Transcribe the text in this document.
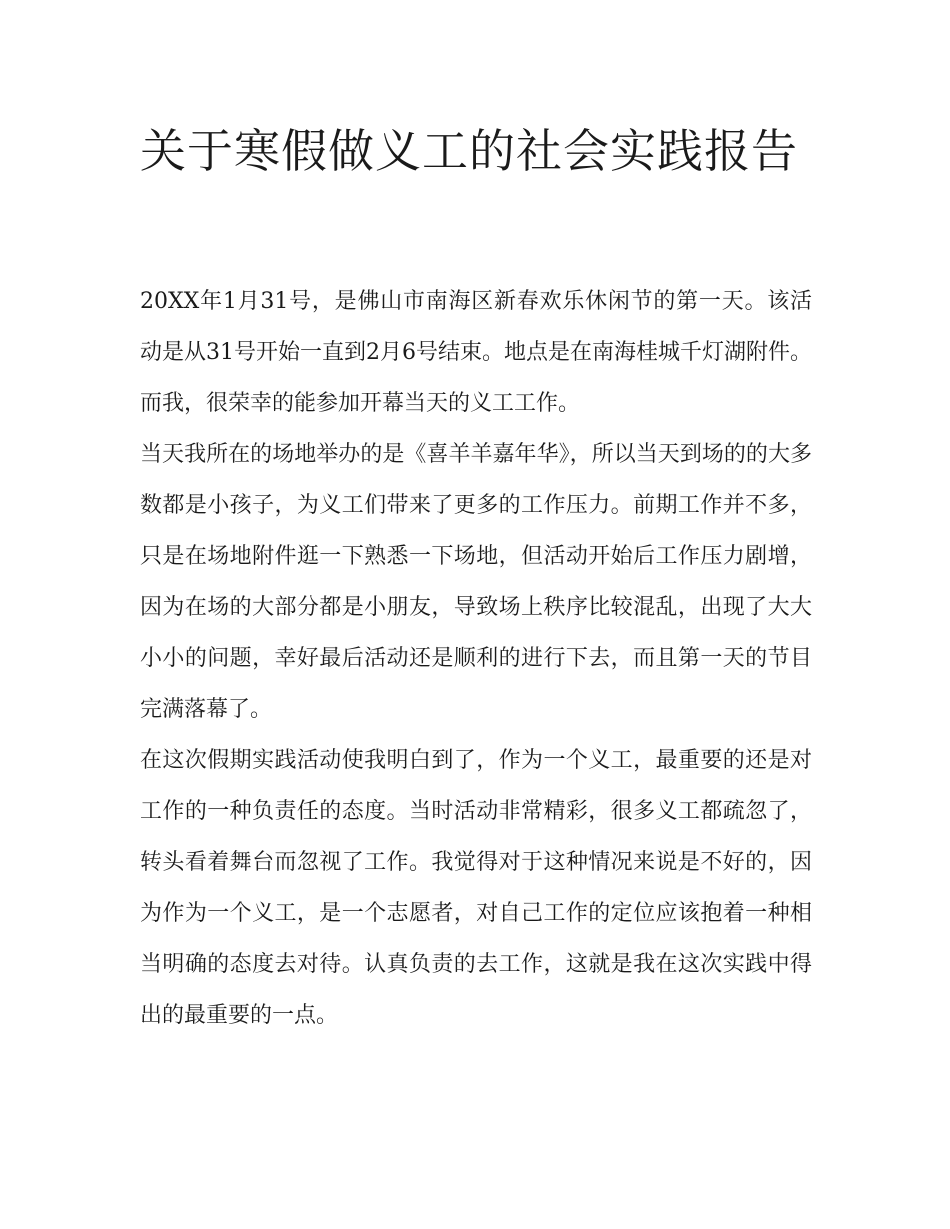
关于寒假做义工的社会实践报告

20XX年1月31号，是佛山市南海区新春欢乐休闲节的第一天。该活动是从31号开始一直到2月6号结束。地点是在南海桂城千灯湖附件。而我，很荣幸的能参加开幕当天的义工工作。

当天我所在的场地举办的是《喜羊羊嘉年华》，所以当天到场的的大多数都是小孩子，为义工们带来了更多的工作压力。前期工作并不多，只是在场地附件逛一下熟悉一下场地，但活动开始后工作压力剧增，因为在场的大部分都是小朋友，导致场上秩序比较混乱，出现了大大小小的问题，幸好最后活动还是顺利的进行下去，而且第一天的节目完满落幕了。

在这次假期实践活动使我明白到了，作为一个义工，最重要的还是对工作的一种负责任的态度。当时活动非常精彩，很多义工都疏忽了，转头看着舞台而忽视了工作。我觉得对于这种情况来说是不好的，因为作为一个义工，是一个志愿者，对自己工作的定位应该抱着一种相当明确的态度去对待。认真负责的去工作，这就是我在这次实践中得出的最重要的一点。
